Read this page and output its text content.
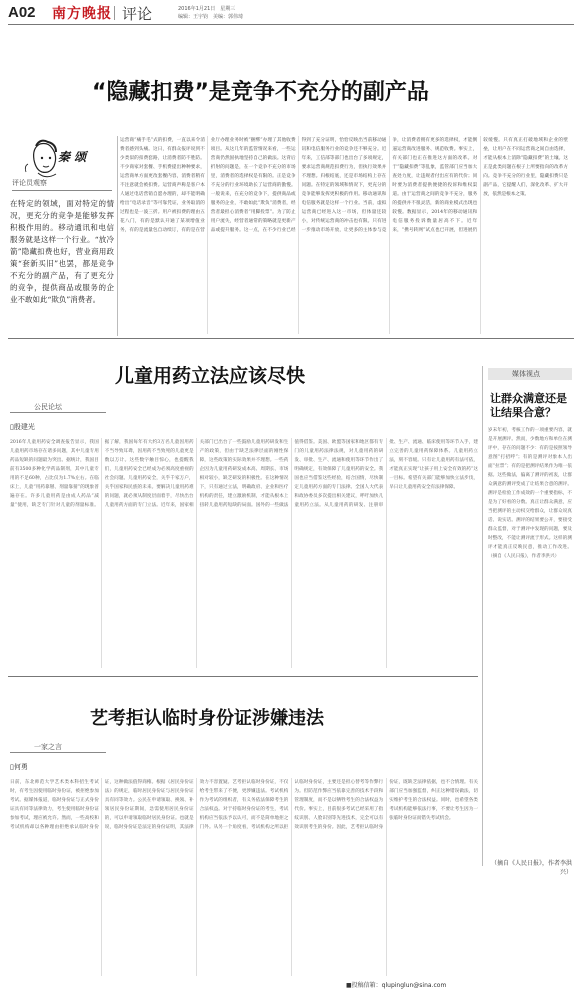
A02 南方晚报 评论	2016年1月21日　星期三
编辑：王宇钧　美编：郭伟琦
“隐藏扣费”是竞争不充分的副产品
秦 颂
评论员观察
在特定的领域，面对特定的情况，更充分的竞争是能够发挥积极作用的。移动通讯和电信服务就是这样一个行业。“放冷箭”隐藏扣费也好，营业商用政策“套新买旧”也罢，都是竞争不充分的副产品，有了更充分的竞争，提供商品或服务的企业不敢如此“欺负”消费者。
运营商“痛手毛”式的扣费，一直以来令消费者感到头痛。这日，有群众报评说到不少类似的扣费套路，让消费者防不胜防。不少商家对套餐、手机费提出种种要求，运营商单方面更改套餐内容，消费者稍有不注意就会被扣费。运营商声称是客户本人通过电话营销自愿办理的，却不能明确给出“电话录音”等可靠凭证，业务取消的过程也是一波三折。用户被扣费的理由五花八门，有的是默认开通了某项增值业务，有的是流量包自动续订，有的是在营业厅办理业务时被“捆绑”办理了其他收费项目。从这几年的监管情况来看，一些运营商仍然固执地坚持自己的做法。这背后折射的问题是，在一个竞争不充分的市场里，消费者的选择权是有限的。正是竞争不充分的行业环境助长了运营商的傲慢。一般说来，在充分的竞争下，提供商品或服务的企业，不敢如此“欺负”消费者，经营者最担心消费者“用脚投票”。为了防止用户流失，经营者通常的策略就是更新产品或提升服务。这一点，在不少行业已经得到了充分证明，恰恰反映出当前移动通讯和电信服务行业的竞争还不够充分。近年来，工信部等部门也出台了多项规定，要求运营商规范扣费行为，但执行效果并不理想。归根结底，还是市场结构上存在问题。在特定的领域和情况下，更充分的竞争能够发挥更积极的作用。移动通讯和电信服务就是这样一个行业。当前，虚拟运营商已经进入这一市场，但体量还较小，对传统运营商的冲击也有限。只有进一步推动市场开放，让更多的主体参与竞争，让消费者拥有更多的选择权，才能倒逼运营商改进服务、规范收费。事实上，有关部门也正在推进这方面的改革。对于“隐藏扣费”等乱象，监管部门应当加大查处力度，让违规者付出应有的代价；同时要为消费者提供便捷的投诉和维权渠道。由于运营商之间的竞争不充分，服务的提供并不很灵活，新的商业模式出现也较慢。数据显示，2014年的移动通讯和电信服务投诉数量居高不下。近年来，“携号转网”试点也已开展，但进展仍较缓慢。只有真正打破地域和企业的壁垒，让用户在不同运营商之间自由选择，才能从根本上消除“隐藏扣费”的土壤。这正是此类问题在根子上所要指向的改革方向。竞争不充分的行业里，隐藏扣费只是副产品，它提醒人们，深化改革、扩大开放，依然是根本之策。
儿童用药立法应该尽快
公民论坛
▯殷建光
2016年儿童用药安全调查报告显示，我国儿童用药市场存在诸多问题，其中儿童专用药品短缺的问题最为突出。据统计，我国目前有3500多种化学药品制剂，其中儿童专用的不足60种，占比仅为1.7%左右。在临床上，儿童“用药靠掰、剂量靠猜”的现象普遍存在。许多儿童用药是由成人药品“减量”使用，缺乏专门针对儿童的剂量标准。据了解，我国每年有大约3万名儿童因用药不当导致耳聋，因用药不当致死的儿童更是数以万计。这些数字触目惊心，也提醒我们，儿童用药安全已经成为必须高度重视的社会问题。儿童用药安全，关乎千家万户，关乎国家和民族的未来。要解决儿童用药难的问题，就必须从制度层面着手，尽快出台儿童用药方面的专门立法。近年来，国家相关部门已出台了一些鼓励儿童用药研发和生产的政策，但由于缺乏法律层面的刚性保障，这些政策的实际效果并不理想。一些药企因为儿童用药研发成本高、周期长、市场相对较小，缺乏研发的积极性。在这种情况下，只有通过立法，明确政府、企业和医疗机构的责任，建立激励机制，才能从根本上扭转儿童用药短缺的局面。国外的一些做法值得借鉴。美国、欧盟等国家和地区都有专门的儿童用药法律法规，对儿童用药的研发、审批、生产、流通和使用等环节作出了明确规定，有效保障了儿童用药的安全。我国也应当借鉴这些经验，结合国情，尽快制定儿童用药方面的专门法律。全国人大代表和政协委员多次提出相关建议，呼吁加快儿童用药立法。从儿童用药的研发、注册审批、生产、流通、临床使用等环节入手，建立完善的儿童用药保障体系。儿童用药立法，刻不容缓。只有让儿童用药有法可依，才能真正实现“让孩子用上安全有效的药”这一目标。希望有关部门能够加快立法步伐，早日让儿童用药安全有法律保障。
媒体视点
让群众满意还是让结果合意？
岁末年初，考核工作的一项重要内容，就是开展测评。然而，少数地方和单位在测评中，存在的问题不少：有的是按照领导意图“打招呼”；有的是测评对象本人出面“拉票”；有的是把测评结果作为唯一依据。这些做法，偏离了测评的初衷，让群众满意的测评变成了让结果合意的测评。测评是检验工作成效的一个重要指标，不是为了好看的分数。真正让群众满意，应当把测评的主动权交给群众，让群众说真话、说实话。测评的结果要公开，要接受群众监督，对于测评中发现的问题，要及时整改，不能让测评流于形式。这样的测评才能真正反映民意，推动工作改进。（摘自《人民日报》，作者李洪兴）
（摘自《人民日报》，作者李洪兴）
艺考拒认临时身份证涉嫌违法
一家之言
▯何勇
日前，东北师范大学艺术类本科招生考试时，有考生因使用临时身份证，被拒绝参加考试。据媒体报道，临时身份证与正式身份证具有同等法律效力，考生使用临时身份证参加考试，理应被允许。然而，一些高校和考试机构却以各种理由拒绝承认临时身份证，这种做法值得商榷。根据《居民身份证法》的规定，临时居民身份证与居民身份证具有同等效力。公民在申请领取、换领、补领居民身份证期间，急需使用居民身份证的，可以申请领取临时居民身份证。也就是说，临时身份证是法定的身份证明，其法律效力不容置疑。艺考拒认临时身份证，不仅给考生带来了不便，更涉嫌违法。考试机构作为考试的组织者，有义务依法保障考生的合法权益。对于持临时身份证的考生，考试机构应当依法予以认可，而不是简单地拒之门外。从另一个角度看，考试机构之所以拒认临时身份证，主要还是担心替考等作弊行为。但防范作弊应当依靠完善的技术手段和管理制度，而不是以牺牲考生的合法权益为代价。事实上，目前很多考试已经采用了指纹识别、人脸识别等先进技术，完全可以有效识别考生的身份。因此，艺考拒认临时身份证，既缺乏法律依据，也不合情理。有关部门应当加强监督，纠正这种错误做法，切实维护考生的合法权益。同时，也希望各类考试机构能够依法行事，不要让考生因为一张临时身份证而错失考试机会。
■投稿信箱：qlupinglun@sina.com
